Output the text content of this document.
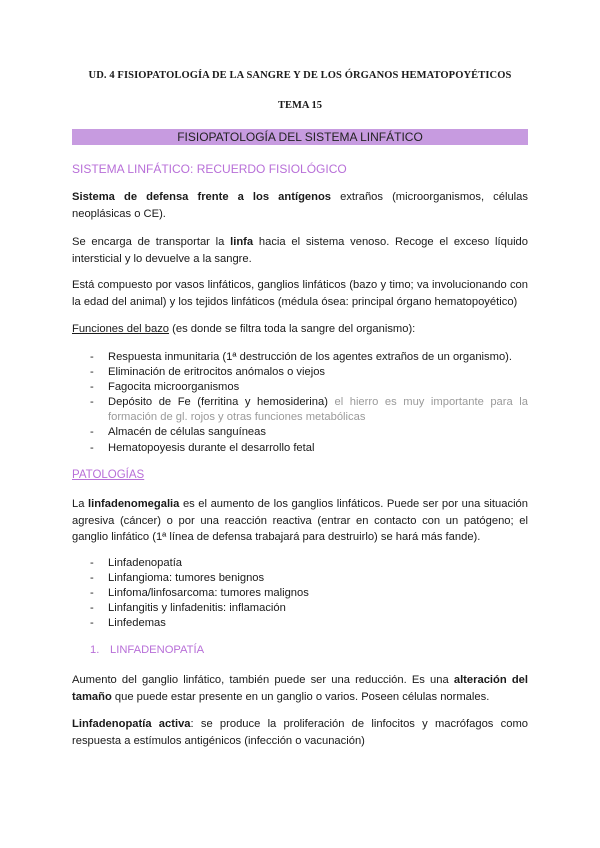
UD. 4 FISIOPATOLOGÍA DE LA SANGRE Y DE LOS ÓRGANOS HEMATOPOYÉTICOS
TEMA 15
FISIOPATOLOGÍA DEL SISTEMA LINFÁTICO
SISTEMA LINFÁTICO: RECUERDO FISIOLÓGICO
Sistema de defensa frente a los antígenos extraños (microorganismos, células neoplásicas o CE).
Se encarga de transportar la linfa hacia el sistema venoso. Recoge el exceso líquido intersticial y lo devuelve a la sangre.
Está compuesto por vasos linfáticos, ganglios linfáticos (bazo y timo; va involucionando con la edad del animal) y los tejidos linfáticos (médula ósea: principal órgano hematopoyético)
Funciones del bazo (es donde se filtra toda la sangre del organismo):
- Respuesta inmunitaria (1ª destrucción de los agentes extraños de un organismo).
- Eliminación de eritrocitos anómalos o viejos
- Fagocita microorganismos
- Depósito de Fe (ferritina y hemosiderina) el hierro es muy importante para la formación de gl. rojos y otras funciones metabólicas
- Almacén de células sanguíneas
- Hematopoyesis durante el desarrollo fetal
PATOLOGÍAS
La linfadenomegalia es el aumento de los ganglios linfáticos. Puede ser por una situación agresiva (cáncer) o por una reacción reactiva (entrar en contacto con un patógeno; el ganglio linfático (1ª línea de defensa trabajará para destruirlo) se hará más fande).
- Linfadenopatía
- Linfangioma: tumores benignos
- Linfoma/linfosarcoma: tumores malignos
- Linfangitis y linfadenitis: inflamación
- Linfedemas
1. LINFADENOPATÍA
Aumento del ganglio linfático, también puede ser una reducción. Es una alteración del tamaño que puede estar presente en un ganglio o varios. Poseen células normales.
Linfadenopatía activa: se produce la proliferación de linfocitos y macrófagos como respuesta a estímulos antigénicos (infección o vacunación)
